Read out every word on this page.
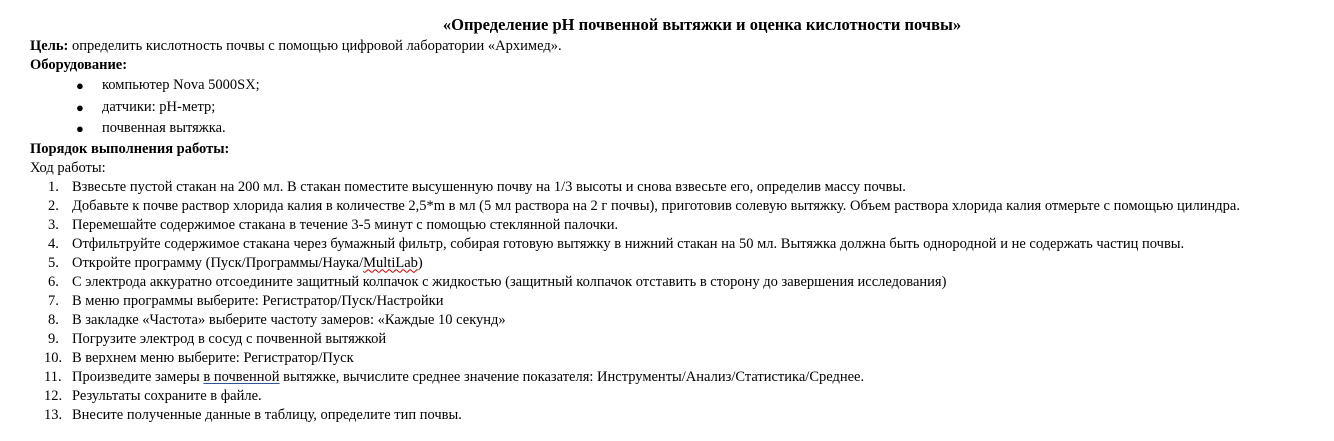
«Определение рН почвенной вытяжки и оценка кислотности почвы»

Цель: определить кислотность почвы с помощью цифровой лаборатории «Архимед».

Оборудование:

● компьютер Nova 5000SX;
● датчики: рН-метр;
● почвенная вытяжка.

Порядок выполнения работы:

Ход работы:

1. Взвесьте пустой стакан на 200 мл. В стакан поместите высушенную почву на 1/3 высоты и снова взвесьте его, определив массу почвы.
2. Добавьте к почве раствор хлорида калия в количестве 2,5*m в мл (5 мл раствора на 2 г почвы), приготовив солевую вытяжку. Объем раствора хлорида калия отмерьте с помощью цилиндра.
3. Перемешайте содержимое стакана в течение 3-5 минут с помощью стеклянной палочки.
4. Отфильтруйте содержимое стакана через бумажный фильтр, собирая готовую вытяжку в нижний стакан на 50 мл. Вытяжка должна быть однородной и не содержать частиц почвы.
5. Откройте программу (Пуск/Программы/Наука/MultiLab)
6. С электрода аккуратно отсоедините защитный колпачок с жидкостью (защитный колпачок отставить в сторону до завершения исследования)
7. В меню программы выберите: Регистратор/Пуск/Настройки
8. В закладке «Частота» выберите частоту замеров: «Каждые 10 секунд»
9. Погрузите электрод в сосуд с почвенной вытяжкой
10. В верхнем меню выберите: Регистратор/Пуск
11. Произведите замеры в почвенной вытяжке, вычислите среднее значение показателя: Инструменты/Анализ/Статистика/Среднее.
12. Результаты сохраните в файле.
13. Внесите полученные данные в таблицу, определите тип почвы.
